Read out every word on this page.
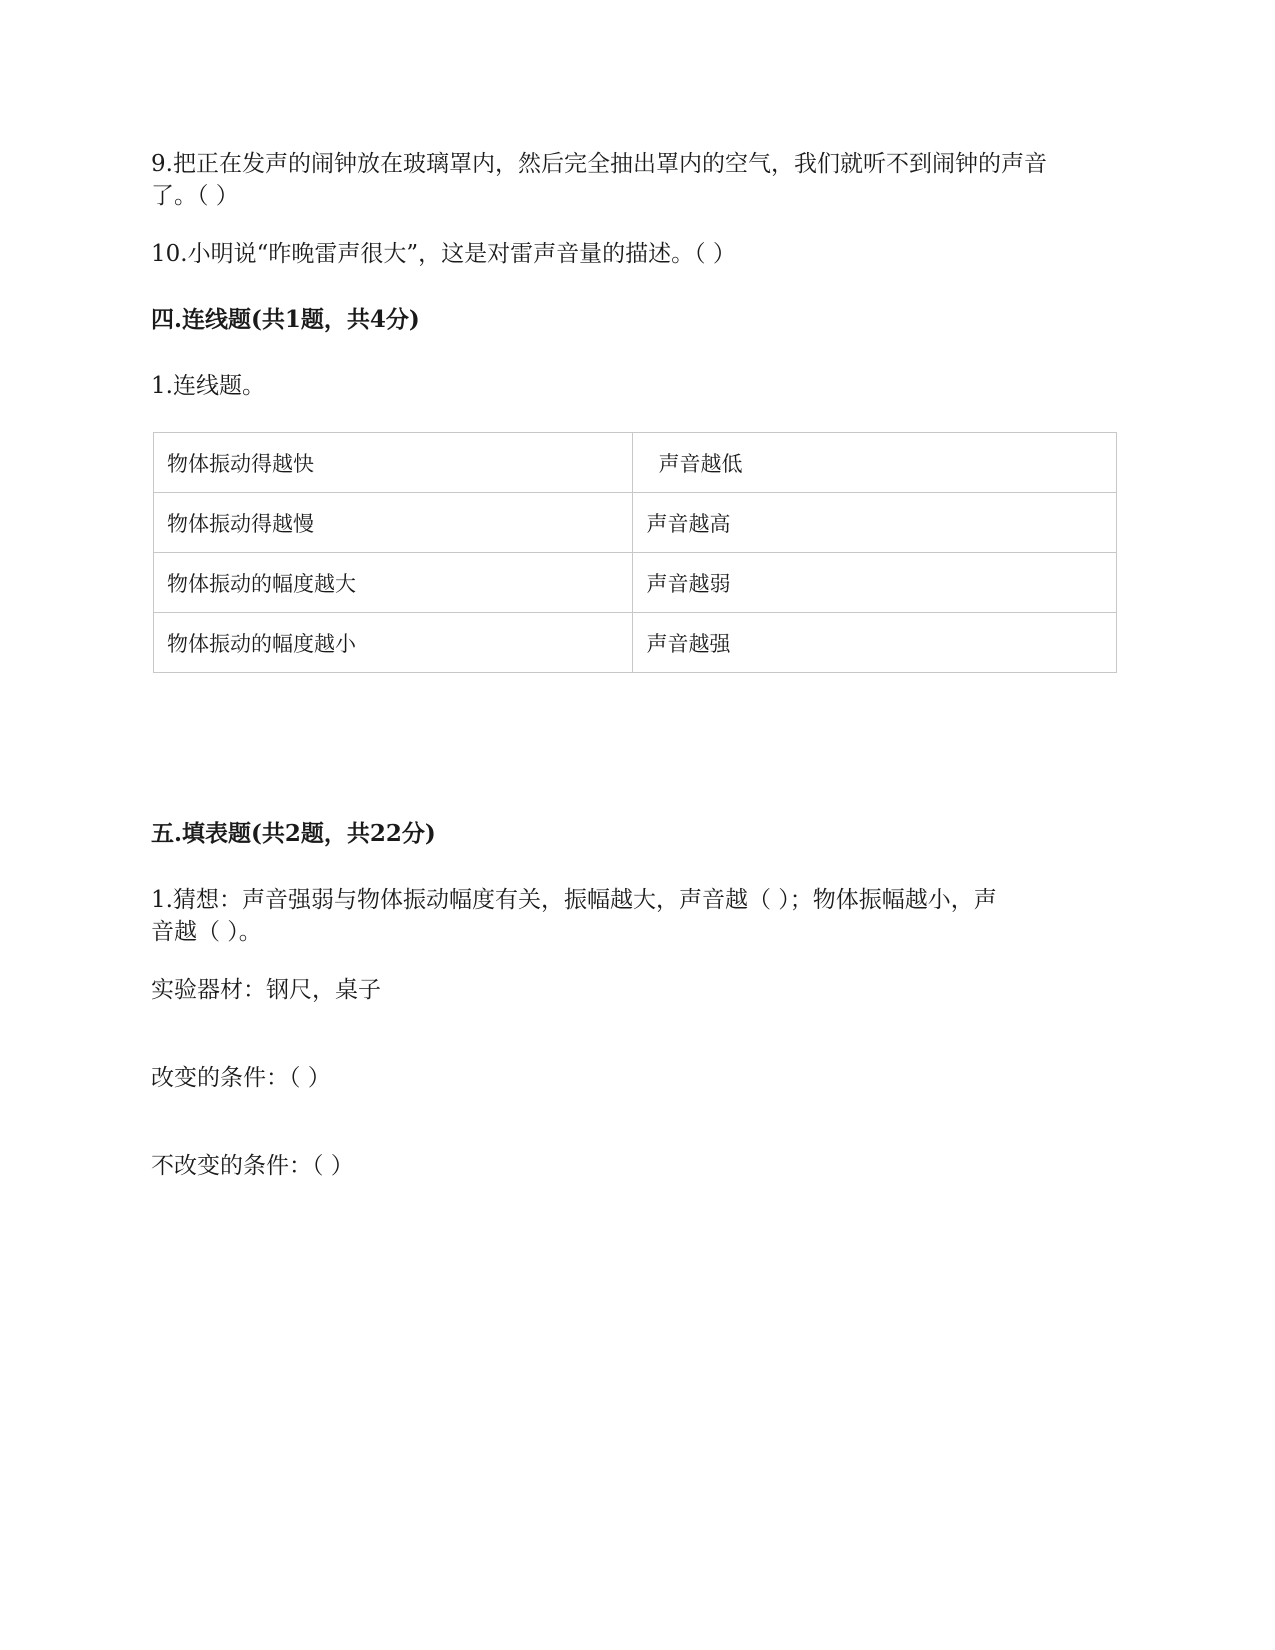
9.把正在发声的闹钟放在玻璃罩内，然后完全抽出罩内的空气，我们就听不到闹钟的声音
了。（ ）

10.小明说“昨晚雷声很大”，这是对雷声音量的描述。（ ）

四.连线题(共1题，共4分)

1.连线题。

物体振动得越快	声音越低
物体振动得越慢	声音越高
物体振动的幅度越大	声音越弱
物体振动的幅度越小	声音越强

五.填表题(共2题，共22分)

1.猜想：声音强弱与物体振动幅度有关，振幅越大，声音越（ ）；物体振幅越小，声
音越（ ）。

实验器材：钢尺，桌子

改变的条件：（ ）

不改变的条件：（ ）
